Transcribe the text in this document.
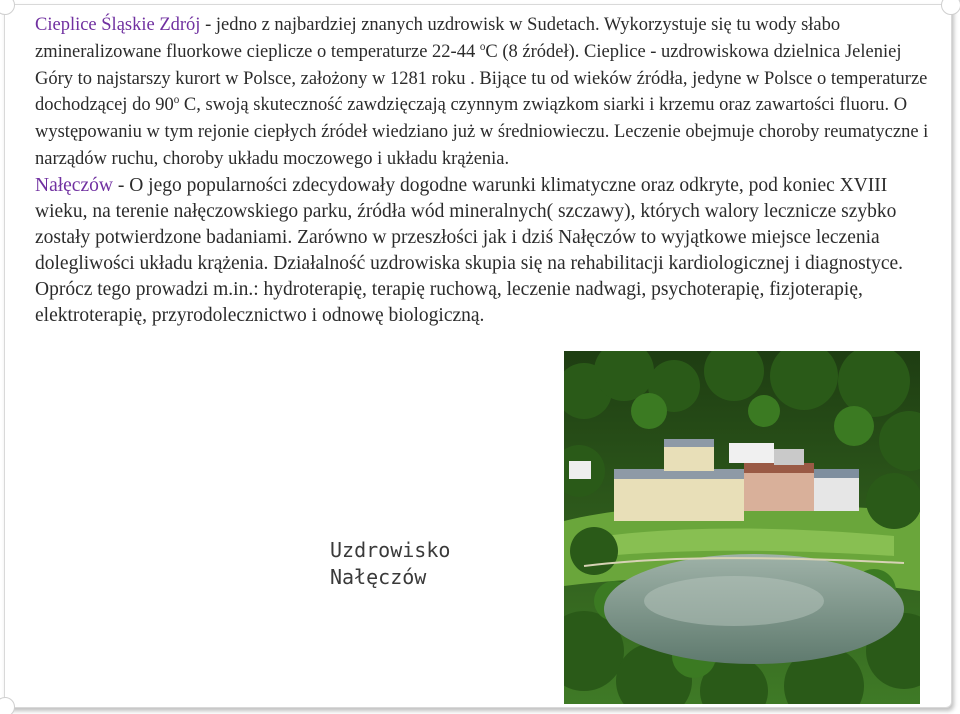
Cieplice Śląskie Zdrój - jedno z najbardziej znanych uzdrowisk w Sudetach. Wykorzystuje się tu wody słabo zmineralizowane fluorkowe cieplicze o temperaturze 22-44 $^o$C (8 źródeł). Cieplice - uzdrowiskowa dzielnica Jeleniej Góry to najstarszy kurort w Polsce, założony w 1281 roku . Bijące tu od wieków źródła, jedyne w Polsce o temperaturze dochodzącej do 90$^o$ C, swoją skuteczność zawdzięczają czynnym związkom siarki i krzemu oraz zawartości fluoru. O występowaniu w tym rejonie ciepłych źródeł wiedziano już w średniowieczu. Leczenie obejmuje choroby reumatyczne i narządów ruchu, choroby układu moczowego i układu krążenia.

Nałęczów - O jego popularności zdecydowały dogodne warunki klimatyczne oraz odkryte, pod koniec XVIII wieku, na terenie nałęczowskiego parku, źródła wód mineralnych( szczawy), których walory lecznicze szybko zostały potwierdzone badaniami. Zarówno w przeszłości jak i dziś Nałęczów to wyjątkowe miejsce leczenia dolegliwości układu krążenia. Działalność uzdrowiska skupia się na rehabilitacji kardiologicznej i diagnostyce. Oprócz tego prowadzi m.in.: hydroterapię, terapię ruchową, leczenie nadwagi, psychoterapię, fizjoterapię, elektroterapię, przyrodolecznictwo i odnowę biologiczną.

Uzdrowisko
Nałęczów
